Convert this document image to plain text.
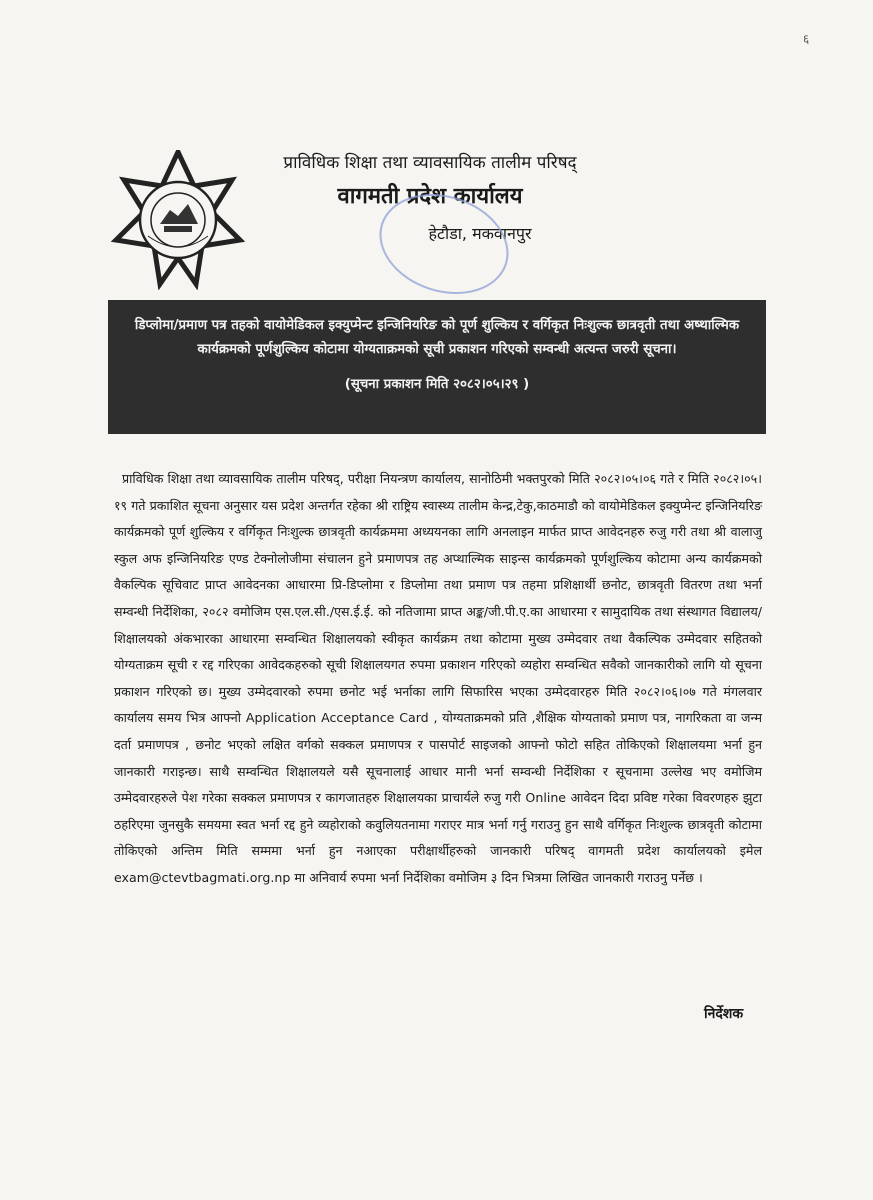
६
प्राविधिक शिक्षा तथा व्यावसायिक तालीम परिषद्
वागमती प्रदेश कार्यालय
हेटौडा, मकवानपुर
डिप्लोमा/प्रमाण पत्र तहको वायोमेडिकल इक्युप्मेन्ट इन्जिनियरिङ को पूर्ण शुल्किय र वर्गिकृत निःशुल्क छात्रवृती तथा अष्थाल्मिक कार्यक्रमको पूर्णशुल्किय कोटामा योग्यताक्रमको सूची प्रकाशन गरिएको सम्वन्धी अत्यन्त जरुरी सूचना।
(सूचना प्रकाशन मिति २०८२।०५।२९ )
प्राविधिक शिक्षा तथा व्यावसायिक तालीम परिषद्, परीक्षा नियन्त्रण कार्यालय, सानोठिमी भक्तपुरको मिति २०८२।०५।०६ गते र मिति २०८२।०५।१९ गते प्रकाशित सूचना अनुसार यस प्रदेश अन्तर्गत रहेका श्री राष्ट्रिय स्वास्थ्य तालीम केन्द्र,टेकु,काठमाडौ को वायोमेडिकल इक्युप्मेन्ट इन्जिनियरिङ कार्यक्रमको पूर्ण शुल्किय र वर्गिकृत निःशुल्क छात्रवृती कार्यक्रममा अध्ययनका लागि अनलाइन मार्फत प्राप्त आवेदनहरु रुजु गरी तथा श्री वालाजु स्कुल अफ इन्जिनियरिङ एण्ड टेक्नोलोजीमा संचालन हुने प्रमाणपत्र तह अप्थाल्मिक साइन्स कार्यक्रमको पूर्णशुल्किय कोटामा अन्य कार्यक्रमको वैकल्पिक सूचिवाट प्राप्त आवेदनका आधारमा प्रि-डिप्लोमा र डिप्लोमा तथा प्रमाण पत्र तहमा प्रशिक्षार्थी छनोट, छात्रवृती वितरण तथा भर्ना सम्वन्धी निर्देशिका, २०८२ वमोजिम एस.एल.सी./एस.ई.ई. को नतिजामा प्राप्त अङ्क/जी.पी.ए.का आधारमा र सामुदायिक तथा संस्थागत विद्यालय/शिक्षालयको अंकभारका आधारमा सम्वन्धित शिक्षालयको स्वीकृत कार्यक्रम तथा कोटामा मुख्य उम्मेदवार तथा वैकल्पिक उम्मेदवार सहितको योग्यताक्रम सूची र रद्द गरिएका आवेदकहरुको सूची शिक्षालयगत रुपमा प्रकाशन गरिएको व्यहोरा सम्वन्धित सवैको जानकारीको लागि यो सूचना प्रकाशन गरिएको छ। मुख्य उम्मेदवारको रुपमा छनोट भई भर्नाका लागि सिफारिस भएका उम्मेदवारहरु मिति २०८२।०६।०७ गते मंगलवार कार्यालय समय भित्र आफ्नो Application Acceptance Card , योग्यताक्रमको प्रति ,शैक्षिक योग्यताको प्रमाण पत्र, नागरिकता वा जन्म दर्ता प्रमाणपत्र , छनोट भएको लक्षित वर्गको सक्कल प्रमाणपत्र र पासपोर्ट साइजको आफ्नो फोटो सहित तोकिएको शिक्षालयमा भर्ना हुन जानकारी गराइन्छ। साथै सम्वन्धित शिक्षालयले यसै सूचनालाई आधार मानी भर्ना सम्वन्धी निर्देशिका र सूचनामा उल्लेख भए वमोजिम उम्मेदवारहरुले पेश गरेका सक्कल प्रमाणपत्र र कागजातहरु शिक्षालयका प्राचार्यले रुजु गरी Online आवेदन दिदा प्रविष्ट गरेका विवरणहरु झुटा ठहरिएमा जुनसुकै समयमा स्वत भर्ना रद्द हुने व्यहोराको कवुलियतनामा गराएर मात्र भर्ना गर्नु गराउनु हुन साथै वर्गिकृत निःशुल्क छात्रवृती कोटामा तोकिएको अन्तिम मिति सम्ममा भर्ना हुन नआएका परीक्षार्थीहरुको जानकारी परिषद् वागमती प्रदेश कार्यालयको इमेल exam@ctevtbagmati.org.np मा अनिवार्य रुपमा भर्ना निर्देशिका वमोजिम ३ दिन भित्रमा लिखित जानकारी गराउनु पर्नेछ ।
निर्देशक
